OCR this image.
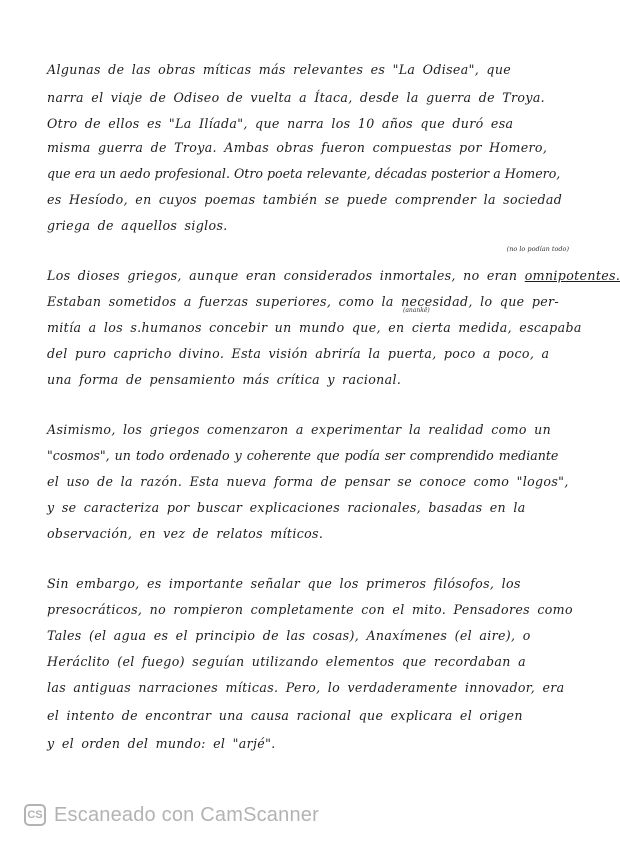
Algunas de las obras míticas más relevantes es "La Odisea", que
narra el viaje de Odiseo de vuelta a Ítaca, desde la guerra de Troya.
Otro de ellos es "La Ilíada", que narra los 10 años que duró esa
misma guerra de Troya. Ambas obras fueron compuestas por Homero,
que era un aedo profesional. Otro poeta relevante, décadas posterior a Homero,
es Hesíodo, en cuyos poemas también se puede comprender la sociedad
griega de aquellos siglos.
(no lo podían todo)
Los dioses griegos, aunque eran considerados inmortales, no eran omnipotentes.
Estaban sometidos a fuerzas superiores, como la necesidad, lo que per-
(anankē)
mitía a los s.humanos concebir un mundo que, en cierta medida, escapaba
del puro capricho divino. Esta visión abriría la puerta, poco a poco, a
una forma de pensamiento más crítica y racional.
Asimismo, los griegos comenzaron a experimentar la realidad como un
"cosmos", un todo ordenado y coherente que podía ser comprendido mediante
el uso de la razón. Esta nueva forma de pensar se conoce como "logos",
y se caracteriza por buscar explicaciones racionales, basadas en la
observación, en vez de relatos míticos.
Sin embargo, es importante señalar que los primeros filósofos, los
presocráticos, no rompieron completamente con el mito. Pensadores como
Tales (el agua es el principio de las cosas), Anaxímenes (el aire), o
Heráclito (el fuego) seguían utilizando elementos que recordaban a
las antiguas narraciones míticas. Pero, lo verdaderamente innovador, era
el intento de encontrar una causa racional que explicara el origen
y el orden del mundo: el "arjé".
CS Escaneado con CamScanner
